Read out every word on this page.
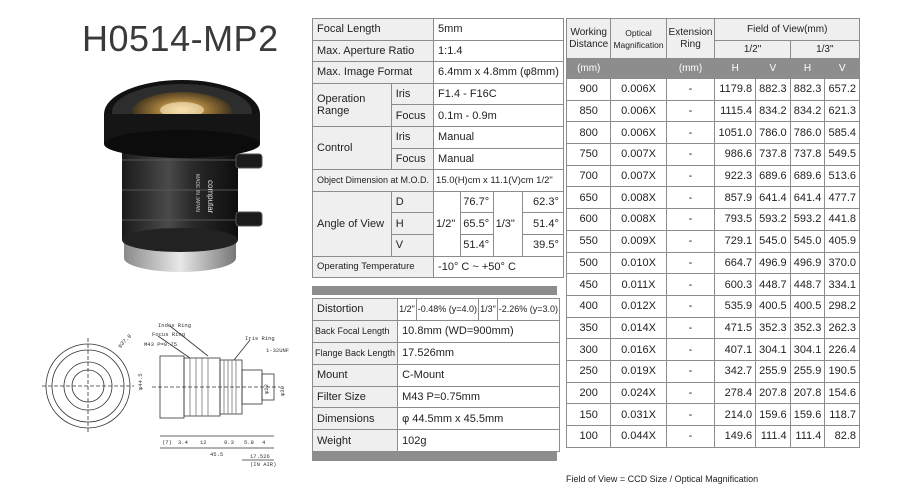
H0514-MP2
computar
MADE IN JAPAN
Index Ring
Focus Ring
Iris Ring
M43 P=0.75
1-32UNF
φ44.5
φ37.8
φ30
φ22
(7) 3.4 12	9.3 5.8 4
45.5	17.526
(IN AIR)
Focal Length		5mm			
Max. Aperture Ratio		1:1.4			
Max. Image Format		6.4mm x 4.8mm (φ8mm)			
Operation Range	Iris	F1.4 - F16C			
	Focus	0.1m - 0.9m			
Control	Iris	Manual			
	Focus	Manual			
Object Dimension at M.O.D.		15.0(H)cm x 11.1(V)cm 1/2"			
Angle of View	D	1/2"	76.7°	1/3"	62.3°
	H		65.5°		51.4°
	V		51.4°		39.5°
Operating Temperature		-10° C ~ +50° C			
Distortion	1/2"	-0.48% (y=4.0)	1/3"	-2.26% (y=3.0)
Back Focal Length	10.8mm (WD=900mm)			
Flange Back Length	17.526mm			
Mount	C-Mount			
Filter Size	M43 P=0.75mm			
Dimensions	φ 44.5mm x 45.5mm			
Weight	102g			
Working Distance	Optical Magnification	Extension Ring	Field of View(mm)			
			1/2"		1/3"	
(mm)		(mm)	H	V	H	V
900	0.006X	-	1179.8	882.3	882.3	657.2
850	0.006X	-	1115.4	834.2	834.2	621.3
800	0.006X	-	1051.0	786.0	786.0	585.4
750	0.007X	-	986.6	737.8	737.8	549.5
700	0.007X	-	922.3	689.6	689.6	513.6
650	0.008X	-	857.9	641.4	641.4	477.7
600	0.008X	-	793.5	593.2	593.2	441.8
550	0.009X	-	729.1	545.0	545.0	405.9
500	0.010X	-	664.7	496.9	496.9	370.0
450	0.011X	-	600.3	448.7	448.7	334.1
400	0.012X	-	535.9	400.5	400.5	298.2
350	0.014X	-	471.5	352.3	352.3	262.3
300	0.016X	-	407.1	304.1	304.1	226.4
250	0.019X	-	342.7	255.9	255.9	190.5
200	0.024X	-	278.4	207.8	207.8	154.6
150	0.031X	-	214.0	159.6	159.6	118.7
100	0.044X	-	149.6	111.4	111.4	82.8
Field of View = CCD Size / Optical Magnification
